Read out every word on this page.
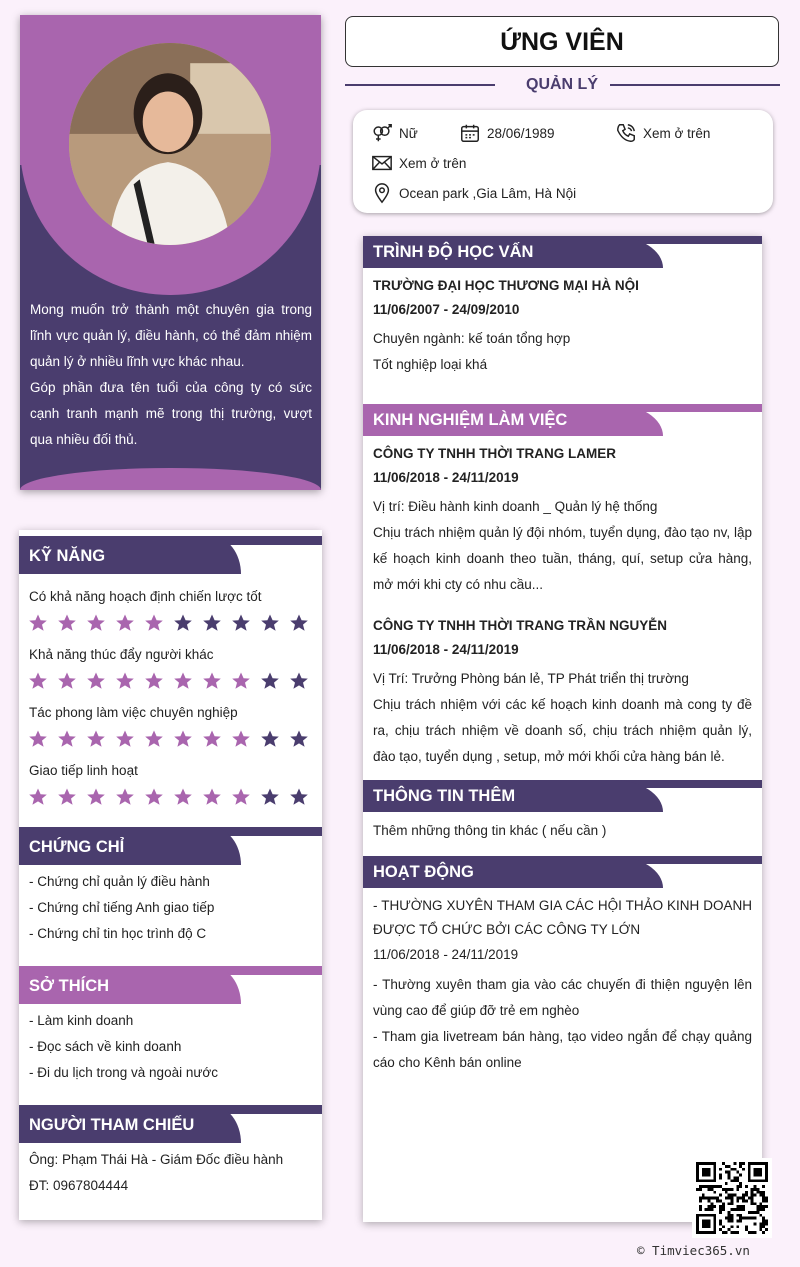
Mong muốn trở thành một chuyên gia trong lĩnh vực quản lý, điều hành, có thể đảm nhiệm quản lý ở nhiều lĩnh vực khác nhau.
Góp phần đưa tên tuổi của công ty có sức cạnh tranh mạnh mẽ trong thị trường, vượt qua nhiều đối thủ.
KỸ NĂNG
Có khả năng hoạch định chiến lược tốt
Khả năng thúc đẩy người khác
Tác phong làm việc chuyên nghiệp
Giao tiếp linh hoạt
CHỨNG CHỈ
- Chứng chỉ quản lý điều hành
- Chứng chỉ tiếng Anh giao tiếp
- Chứng chỉ tin học trình độ C
SỞ THÍCH
- Làm kinh doanh
- Đọc sách về kinh doanh
- Đi du lịch trong và ngoài nước
NGƯỜI THAM CHIẾU
Ông: Phạm Thái Hà - Giám Đốc điều hành
ĐT: 0967804444
ỨNG VIÊN
QUẢN LÝ
Nữ	28/06/1989	Xem ở trên
Xem ở trên
Ocean park ,Gia Lâm, Hà Nội
TRÌNH ĐỘ HỌC VẤN
TRƯỜNG ĐẠI HỌC THƯƠNG MẠI HÀ NỘI
11/06/2007 - 24/09/2010
Chuyên ngành: kế toán tổng hợp
Tốt nghiệp loại khá
KINH NGHIỆM LÀM VIỆC
CÔNG TY TNHH THỜI TRANG LAMER
11/06/2018 - 24/11/2019
Vị trí: Điều hành kinh doanh _ Quản lý hệ thống
Chịu trách nhiệm quản lý đội nhóm, tuyển dụng, đào tạo nv, lập kế hoạch kinh doanh theo tuần, tháng, quí, setup cửa hàng, mở mới khi cty có nhu cầu...
CÔNG TY TNHH THỜI TRANG TRẦN NGUYỄN
11/06/2018 - 24/11/2019
Vị Trí: Trưởng Phòng bán lẻ, TP Phát triển thị trường
Chịu trách nhiệm với các kế hoạch kinh doanh mà cong ty đề ra, chịu trách nhiệm về doanh số, chịu trách nhiệm quản lý, đào tạo, tuyển dụng , setup, mở mới khối cửa hàng bán lẻ.
THÔNG TIN THÊM
Thêm những thông tin khác ( nếu cần )
HOẠT ĐỘNG
- THƯỜNG XUYÊN THAM GIA CÁC HỘI THẢO KINH DOANH ĐƯỢC TỔ CHỨC BỞI CÁC CÔNG TY LỚN
11/06/2018 - 24/11/2019
- Thường xuyên tham gia vào các chuyến đi thiện nguyện lên vùng cao để giúp đỡ trẻ em nghèo
- Tham gia livetream bán hàng, tạo video ngắn để chạy quảng cáo cho Kênh bán online
© Timviec365.vn
